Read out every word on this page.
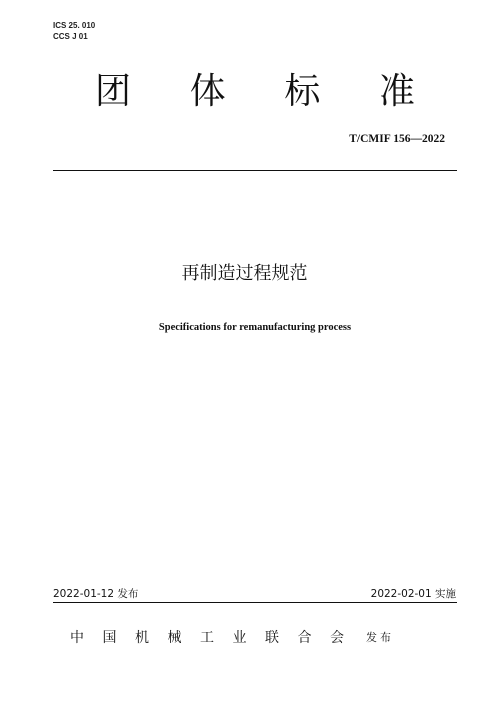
ICS 25. 010
CCS J 01
团 体 标 准
T/CMIF 156—2022
再制造过程规范
Specifications for remanufacturing process
2022-01-12 发布	2022-02-01 实施
中 国 机 械 工 业 联 合 会 发布
